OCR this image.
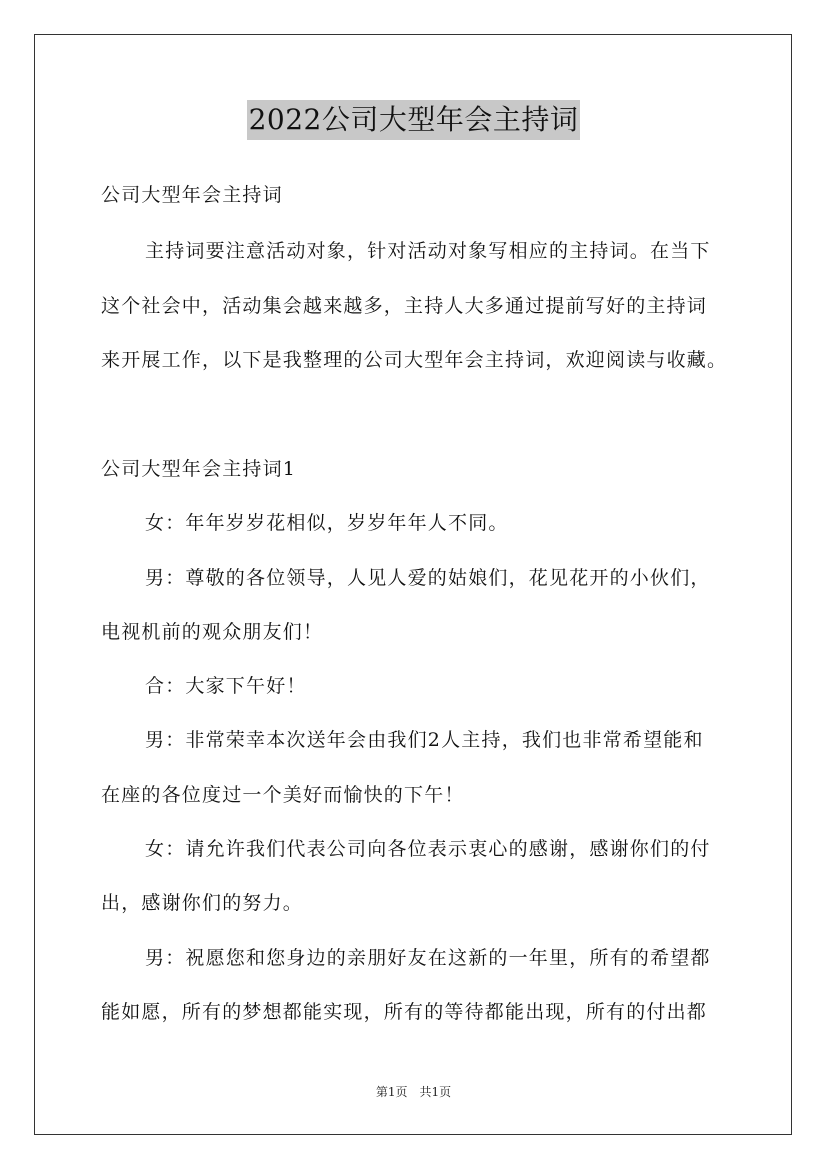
2022公司大型年会主持词
公司大型年会主持词
主持词要注意活动对象，针对活动对象写相应的主持词。在当下
这个社会中，活动集会越来越多，主持人大多通过提前写好的主持词
来开展工作，以下是我整理的公司大型年会主持词，欢迎阅读与收藏。
公司大型年会主持词1
女：年年岁岁花相似，岁岁年年人不同。
男：尊敬的各位领导，人见人爱的姑娘们，花见花开的小伙们，
电视机前的观众朋友们！
合：大家下午好！
男：非常荣幸本次送年会由我们2人主持，我们也非常希望能和
在座的各位度过一个美好而愉快的下午！
女：请允许我们代表公司向各位表示衷心的感谢，感谢你们的付
出，感谢你们的努力。
男：祝愿您和您身边的亲朋好友在这新的一年里，所有的希望都
能如愿，所有的梦想都能实现，所有的等待都能出现，所有的付出都
第1页　共1页
